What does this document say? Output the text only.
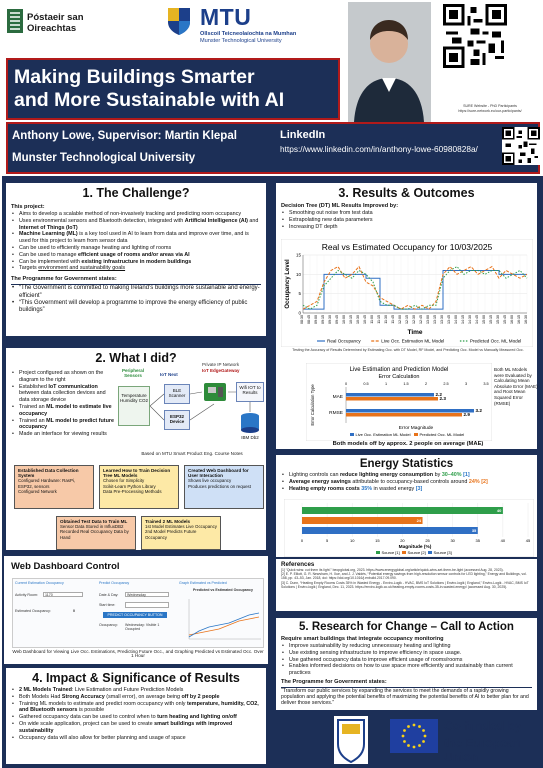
Póstaeir san Oireachtas	MTU
Ollscoil Teicneolaíochta na Mumhan
Munster Technological University
SURE Website - PhD Participants
https://sure-network.eu/our-participants/
Making Buildings Smarter
and More Sustainable with AI
Anthony Lowe, Supervisor: Martin Klepal
Munster Technological University
LinkedIn
https://www.linkedin.com/in/anthony-lowe-60980828a/
1. The Challenge?
This project:
• Aims to develop a scalable method of non-invasively tracking and predicting room occupancy
• Uses environmental sensors and Bluetooth detection, integrated with Artificial Intelligence (AI) and Internet of Things (IoT)
• Machine Learning (ML) is a key tool used in AI to learn from data and improve over time, and is used for this project to learn from sensor data
• Can be used to efficiently manage heating and lighting of rooms
• Can be used to manage efficient usage of rooms and/or areas via AI
• Can be implemented with existing infrastructure in modern buildings
• Targets environment and sustainability goals
The Programme for Government states:
• “The Government is committed to making Ireland’s buildings more sustainable and energy-efficient”
• “This Government will develop a programme to improve the energy efficiency of public buildings”
2. What I did?
• Project configured as shown on the diagram to the right
• Established IoT communication between data collection devices and data storage device
• Trained an ML model to estimate live occupancy
• Trained an ML model to predict future occupancy
• Made an interface for viewing results
Peripheral Sensors	IoT Next
Private IP Network
IoT EdgeGateway
Temperature Humidity CO2
BLE Scanner
ESP32 Device
Wifi IOT to Results
IBM Db2
Based on MTU Smart Product Eng. Course Notes
Established Data Collection System
Configured Hardware: RasPi, ESP32, sensors
Configured Network
Learned How to Train Decision Tree ML Models
Chosen for Simplicity
Scikit-Learn Python Library
Data Pre-Processing Methods
Created Web Dashboard for User Interaction
Shows live occupancy
Produces predictions on request
Obtained Test Data to Train ML
Sensor Data Stored in InfluxDB2
Recorded Real Occupancy Data by Hand
Trained 2 ML Models
1st Model Estimates Live Occupancy
2nd Model Predicts Future Occupancy
Web Dashboard Control
Current Estimation Occupancy	Predict Occupancy	Graph Estimated vs Predicted
Activity Room:	1170
Estimated Occupancy:	0
Date & Day:	Wednesday
Start time:
PREDICT OCCUPANCY BUTTON
Occupancy: Wednesday: Visible 1 Occupied
Predicted vs Estimated Occupancy
Web Dashboard for Viewing Live Occ. Estimations, Predicting Future Occ., and Graphing Predicted vs Estimated Occ. Over 1 Hour
4. Impact & Significance of Results
• 2 ML Models Trained: Live Estimation and Future Prediction Models
• Both Models Had Strong Accuracy (small error), on average being off by 2 people
• Training ML models to estimate and predict room occupancy with only temperature, humidity, CO2, and Bluetooth sensors is possible
• Gathered occupancy data can be used to control when to turn heating and lighting on/off
• On wide scale application, project can be used to create smart buildings with improved sustainability
• Occupancy data will also allow for better planning and usage of space
3. Results & Outcomes
Decision Tree (DT) ML Results Improved by:
• Smoothing out noise from test data
• Extrapolating new data parameters
• Increasing DT depth
Real vs Estimated Occupancy for 10/03/2025
0
5
10
15
08:30 08:45 09:00 09:15 09:30 09:45 10:00 10:15 10:30 10:45 11:00 11:15 11:30 11:45 12:00 12:15 12:30 12:45 13:00 13:15 13:30 13:45 14:00 14:15 14:30 14:45 15:00 15:15 15:30 15:45 16:00 16:15 16:30
Time
Occupancy Level
Real Occupancy	Live Occ. Estimation ML Model	Predicted Occ. ML Model
Testing the Accuracy of Results Determined by Estimating Occ. with DT Model, RF Model, and Predicting Occ. Model vs Manually Measured Occ.
Live Estimation and Prediction Model
Error Calculation
0	0.5	1	1.5	2	2.5	3	3.5
MAE
2.2
2.3
RMSE
3.2
2.9
Error Magnitude
Error Calculation Type
Live Occ. Estimation ML Model Predicted Occ. ML Model
Both ML Models were Evaluated by Calculating Mean Absolute Error (MAE) and Root Mean Squared Error (RMSE)
Both models off by approx. 2 people on average (MAE)
Energy Statistics
• Lighting controls can reduce lighting energy consumption by 30–40% [1]
• Average energy savings attributable to occupancy-based controls around 24% [2]
• Heating empty rooms costs 35% in wasted energy [3]
0	5	10	15	20	25	30	35	40	45
40
24
35
Magnitude (%)
Source [1] Source [2] Source [3]
References
[1] “Quick wins: cut them its light.” beopglobal.org, 2023. https://www.energyglobal.org/article/quick-wins-set-them-be-light (accessed Aug. 28, 2023).
[2] E. P. Elliott, G. R. Newsham, H. Xue, and J. J. Valdés, “Potential energy savings from high-resolution sensor controls for LED lighting,” Energy and Buildings, vol. 158, pp. 43–53, Jan. 2018, doi: https://doi.org/10.1016/j.enbuild.2017.09.090.
[3] C. Dunn, “Heating Empty Rooms Costs 35% in Wasted Energy - Enviro-Logik - HVAC, BMS IoT Solutions | Enviro-logik | England,” Enviro-Logik - HVAC, BMS IoT Solutions | Enviro-logik | England, Dec. 11, 2023. https://enviro-logik.co.uk/heating-empty-rooms-costs-35-in-wasted-energy/ (accessed Aug. 30, 2025).
5. Research for Change – Call to Action
Require smart buildings that integrate occupancy monitoring
• Improve sustainability by reducing unnecessary heating and lighting
• Use existing sensing infrastructure to improve efficiency in space usage.
• Use gathered occupancy data to improve efficient usage of rooms/rooms
• Enables informed decisions on how to use space more efficiently and sustainably than current practices
The Programme for Government states:
“Transform our public services by expanding the services to meet the demands of a rapidly growing population and applying the potential benefits of maximizing the potential benefits of AI to better plan for and deliver those services.”
Co-funded by
the European Union
